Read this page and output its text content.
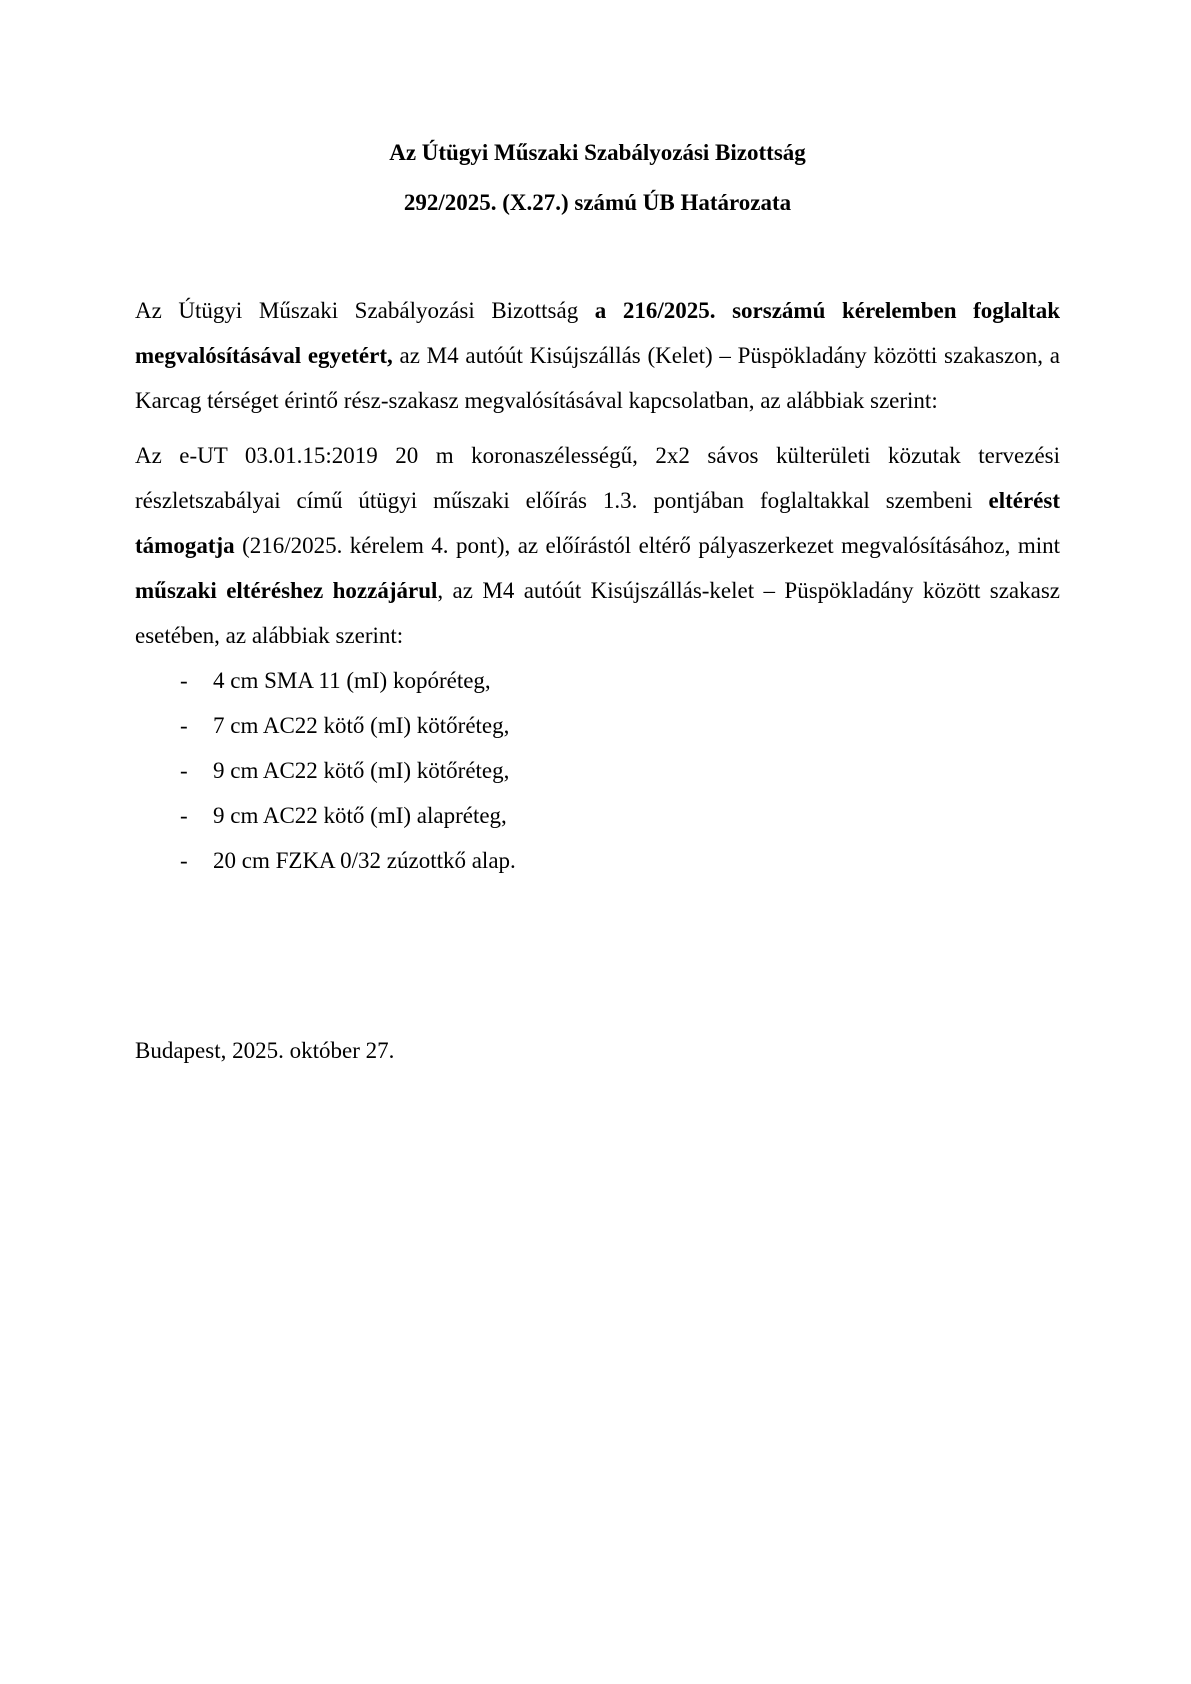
Az Útügyi Műszaki Szabályozási Bizottság
292/2025. (X.27.) számú ÚB Határozata

Az Útügyi Műszaki Szabályozási Bizottság a 216/2025. sorszámú kérelemben foglaltak megvalósításával egyetért, az M4 autóút Kisújszállás (Kelet) – Püspökladány közötti szakaszon, a Karcag térséget érintő rész-szakasz megvalósításával kapcsolatban, az alábbiak szerint:

Az e-UT 03.01.15:2019 20 m koronaszélességű, 2x2 sávos külterületi közutak tervezési részletszabályai című útügyi műszaki előírás 1.3. pontjában foglaltakkal szembeni eltérést támogatja (216/2025. kérelem 4. pont), az előírástól eltérő pályaszerkezet megvalósításához, mint műszaki eltéréshez hozzájárul, az M4 autóút Kisújszállás-kelet – Püspökladány között szakasz esetében, az alábbiak szerint:

-	4 cm SMA 11 (mI) kopóréteg,
-	7 cm AC22 kötő (mI) kötőréteg,
-	9 cm AC22 kötő (mI) kötőréteg,
-	9 cm AC22 kötő (mI) alapréteg,
-	20 cm FZKA 0/32 zúzottkő alap.

Budapest, 2025. október 27.
